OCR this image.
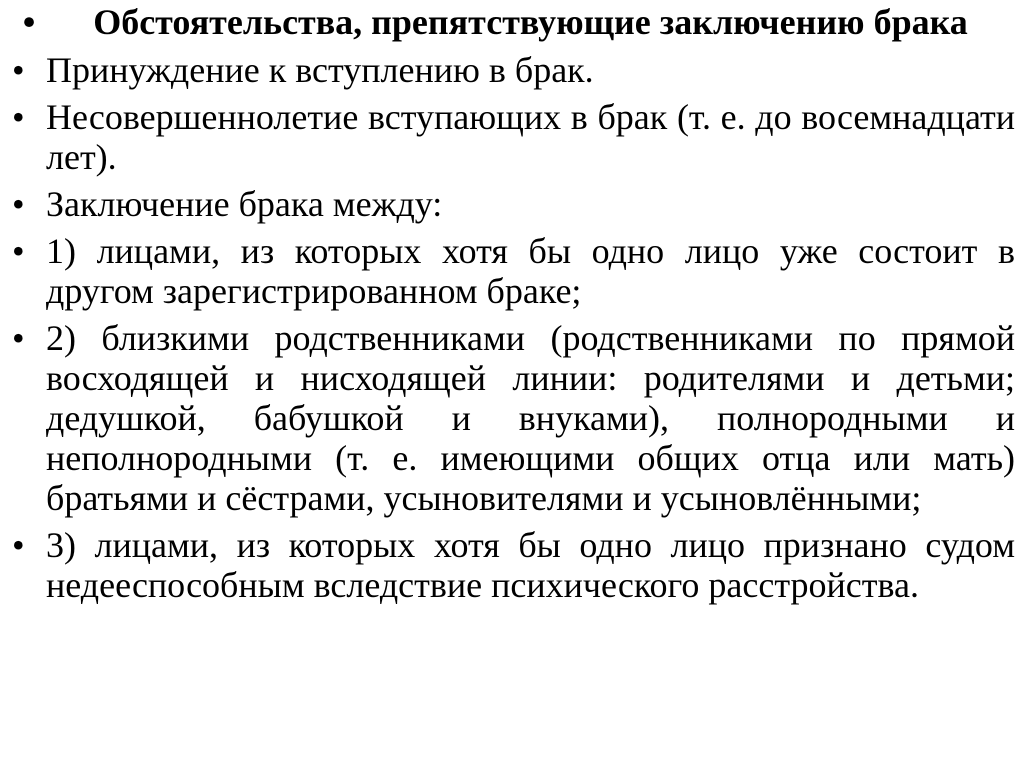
•	Обстоятельства, препятствующие заключению брака
• Принуждение к вступлению в брак.
• Несовершеннолетие вступающих в брак (т. е. до восемнадцати лет).
• Заключение брака между:
• 1) лицами, из которых хотя бы одно лицо уже состоит в другом зарегистрированном браке;
• 2) близкими родственниками (родственниками по прямой восходящей и нисходящей линии: родителями и детьми; дедушкой, бабушкой и внуками), полнородными и неполнородными (т. е. имеющими общих отца или мать) братьями и сёстрами, усыновителями и усыновлёнными;
• 3) лицами, из которых хотя бы одно лицо признано судом недееспособным вследствие психического расстройства.
